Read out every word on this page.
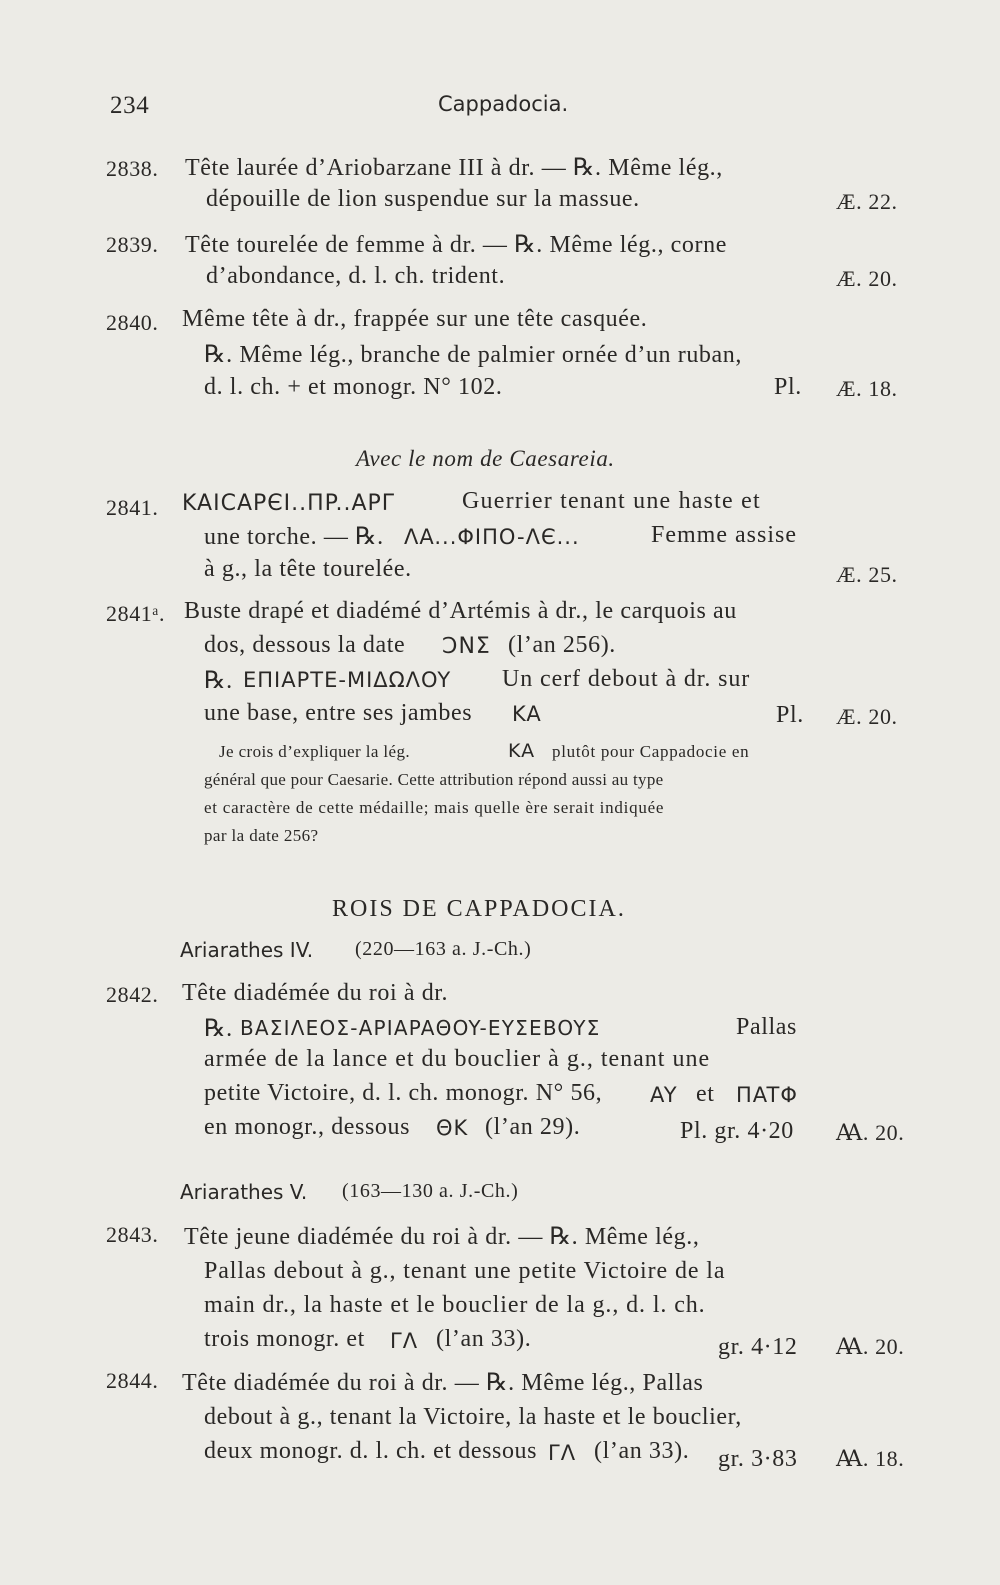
234	Cappadocia.
2838. Tête laurée d’Ariobarzane III à dr. — ℞. Même lég.,
dépouille de lion suspendue sur la massue.	Æ. 22.
2839. Tête tourelée de femme à dr. — ℞. Même lég., corne
d’abondance, d. l. ch. trident.	Æ. 20.
2840. Même tête à dr., frappée sur une tête casquée.
℞. Même lég., branche de palmier ornée d’un ruban,
d. l. ch. + et monogr. N° 102.	Pl. Æ. 18.
Avec le nom de Caesareia.
2841. KAICAPЄI..ΠP..APΓ	Guerrier tenant une haste et
une torche. — ℞. ΛA...ΦIΠO-ΛЄ...	Femme assise
à g., la tête tourelée.	Æ. 25.
2841ᵃ. Buste drapé et diadémé d’Artémis à dr., le carquois au
dos, dessous la date ꓛNΣ (l’an 256).
℞. ЕΠIAPTE-MIΔΩΛOY Un cerf debout à dr. sur
une base, entre ses jambes KA	Pl. Æ. 20.
Je crois d’expliquer la lég.	KA plutôt pour Cappadocie en
général que pour Caesarie. Cette attribution répond aussi au type
et caractère de cette médaille; mais quelle ère serait indiquée
par la date 256?
ROIS DE CAPPADOCIA.
Ariarathes IV. (220—163 a. J.-Ch.)
2842. Tête diadémée du roi à dr.
℞. BAΣIΛEOΣ-APIAPAΘOY-EYΣEBOYΣ	Pallas
armée de la lance et du bouclier à g., tenant une
petite Victoire, d. l. ch. monogr. N° 56, AY et ΠATΦ
en monogr., dessous ΘK (l’an 29).	Pl. gr. 4·20 Ꜳ. 20.
Ariarathes V. (163—130 a. J.-Ch.)
2843. Tête jeune diadémée du roi à dr. — ℞. Même lég.,
Pallas debout à g., tenant une petite Victoire de la
main dr., la haste et le bouclier de la g., d. l. ch.
trois monogr. et ΓΛ (l’an 33).	gr. 4·12 Ꜳ. 20.
2844. Tête diadémée du roi à dr. — ℞. Même lég., Pallas
debout à g., tenant la Victoire, la haste et le bouclier,
deux monogr. d. l. ch. et dessous ΓΛ (l’an 33). gr. 3·83 Ꜳ. 18.
